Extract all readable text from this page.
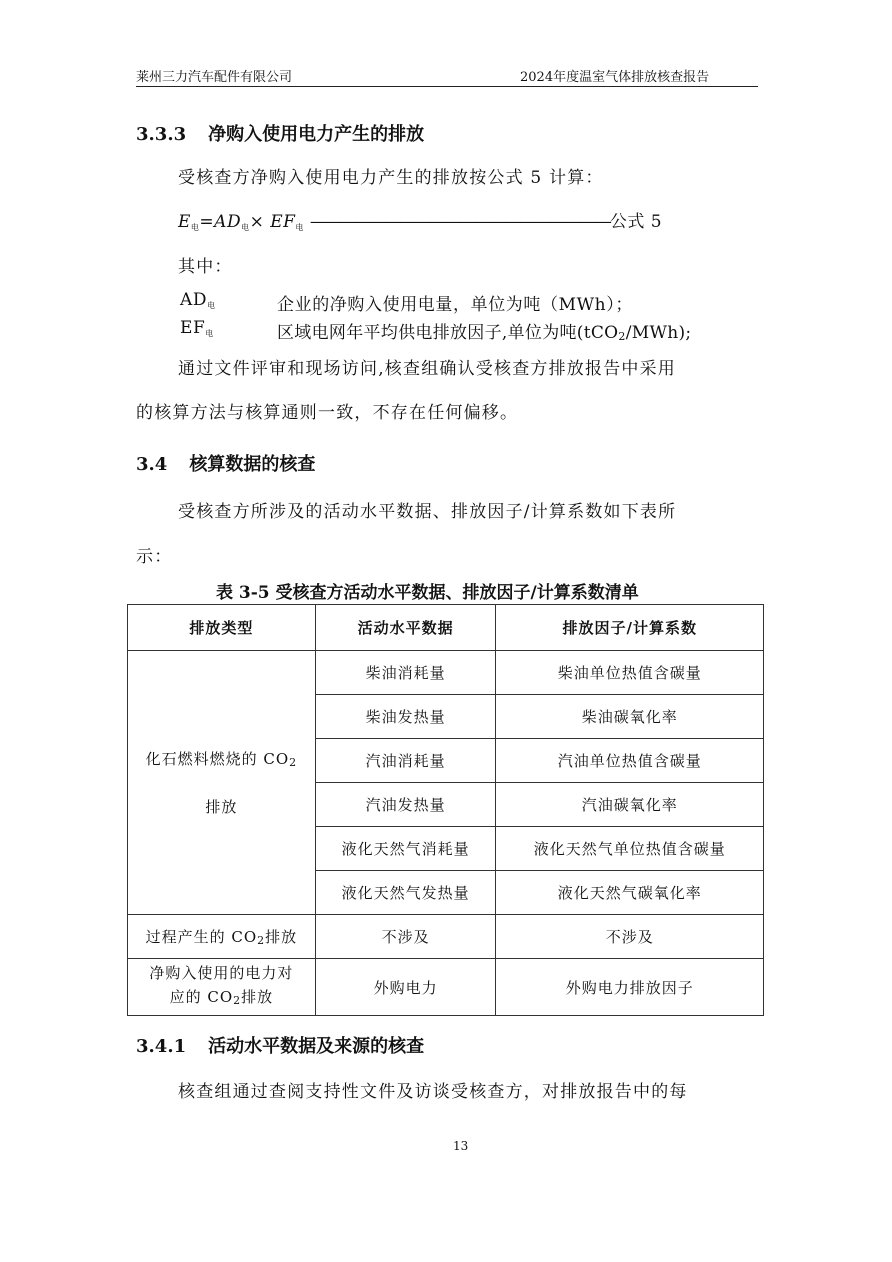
莱州三力汽车配件有限公司	2024年度温室气体排放核查报告
3.3.3 净购入使用电力产生的排放
受核查方净购入使用电力产生的排放按公式 5 计算：
$E_电=AD_电\times EF_电$ ————————————————————公式 5
其中：
$AD_电$	企业的净购入使用电量，单位为吨（MWh）；
$EF_电$	区域电网年平均供电排放因子,单位为吨(tCO2/MWh);
通过文件评审和现场访问,核查组确认受核查方排放报告中采用
的核算方法与核算通则一致，不存在任何偏移。
3.4 核算数据的核查
受核查方所涉及的活动水平数据、排放因子/计算系数如下表所
示：
表 3-5 受核查方活动水平数据、排放因子/计算系数清单
排放类型	活动水平数据	排放因子/计算系数

化石燃料燃烧的 CO2
排放	柴油消耗量	柴油单位热值含碳量
	柴油发热量	柴油碳氧化率
	汽油消耗量	汽油单位热值含碳量
	汽油发热量	汽油碳氧化率
	液化天然气消耗量	液化天然气单位热值含碳量
	液化天然气发热量	液化天然气碳氧化率
过程产生的 CO2排放	不涉及	不涉及

净购入使用的电力对
应的 CO2排放	外购电力	外购电力排放因子
3.4.1 活动水平数据及来源的核查
核查组通过查阅支持性文件及访谈受核查方，对排放报告中的每
13
